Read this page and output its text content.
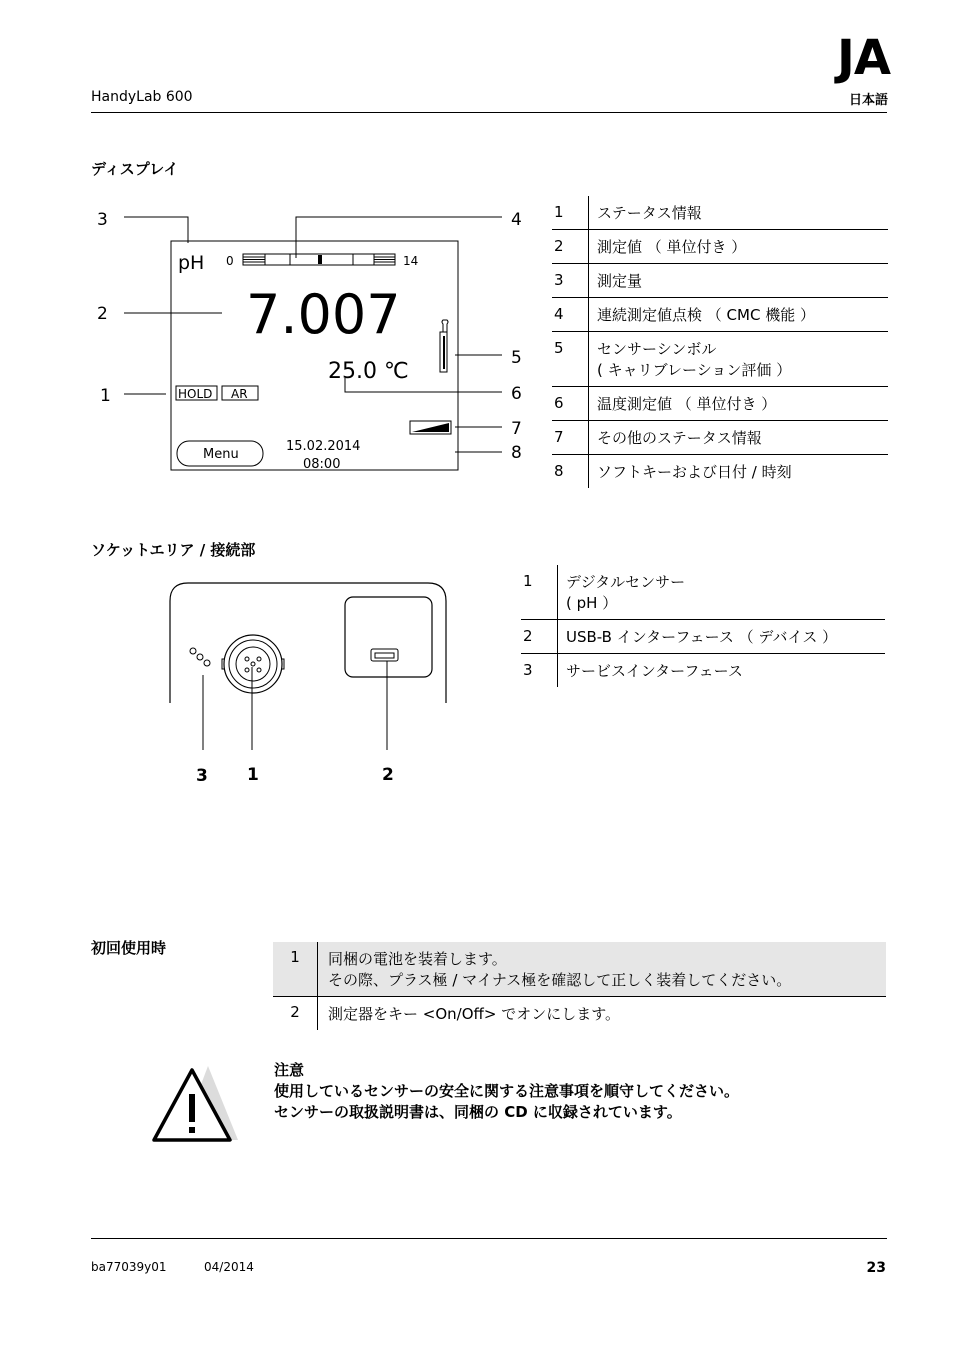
JA
HandyLab 600	日本語
ディスプレイ
3	4
2
5
1	6
7
8
pH 0	14
7.007
25.0 ℃
HOLD AR
Menu
15.02.2014
08:00
1	ステータス情報
2	測定値 （ 単位付き ）
3	測定量
4	連続測定値点検 （ CMC 機能 ）
5	センサーシンボル
( キャリブレーション評価 ）

6	温度測定値 （ 単位付き ）
7	その他のステータス情報
8	ソフトキーおよび日付 / 時刻
ソケットエリア / 接続部
3 1	2
1	デジタルセンサー
( pH ）

2	USB-B インターフェース （ デバイス ）
3	サービスインターフェース
初回使用時	1	同梱の電池を装着します。
その際、プラス極 / マイナス極を確認して正しく装着してください。

2	測定器をキー <On/Off> でオンにします。
注意
使用しているセンサーの安全に関する注意事項を順守してください。
センサーの取扱説明書は、同梱の CD に収録されています。
ba77039y01	04/2014	23
